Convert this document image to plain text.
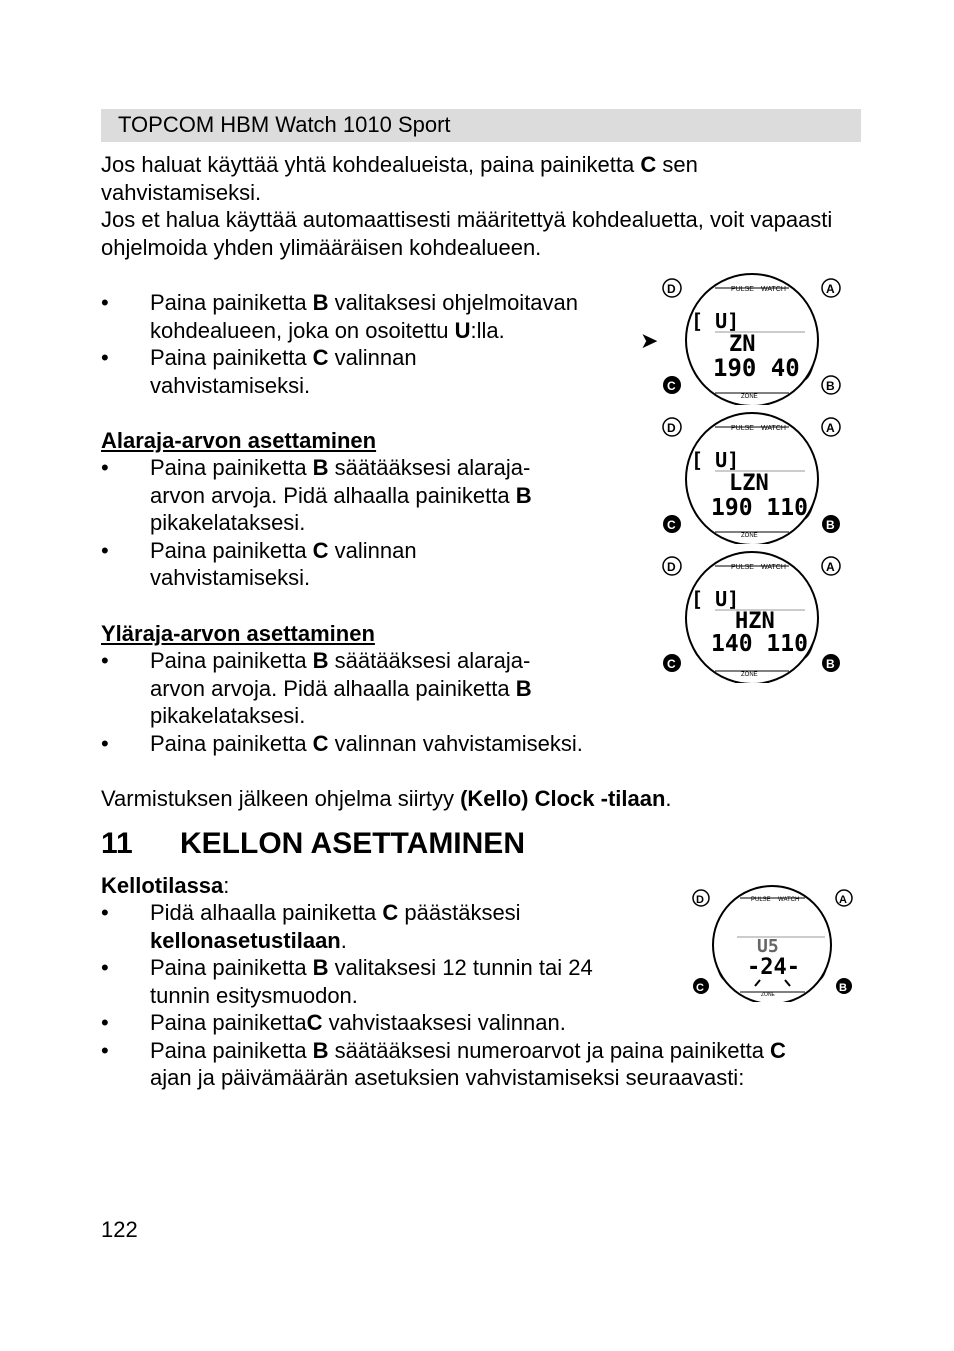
TOPCOM HBM Watch 1010 Sport
Jos haluat käyttää yhtä kohdealueista, paina painiketta C sen vahvistamiseksi.
Jos et halua käyttää automaattisesti määritettyä kohdealuetta, voit vapaasti ohjelmoida yhden ylimääräisen kohdealueen.
• Paina painiketta B valitaksesi ohjelmoitavan
kohdealueen, joka on osoitettu U:lla.
• Paina painiketta C valinnan
vahvistamiseksi.
Alaraja-arvon asettaminen
• Paina painiketta B säätääksesi alaraja-
arvon arvoja. Pidä alhaalla painiketta B
pikakelataksesi.
• Paina painiketta C valinnan
vahvistamiseksi.
Yläraja-arvon asettaminen
• Paina painiketta B säätääksesi alaraja-
arvon arvoja. Pidä alhaalla painiketta B
pikakelataksesi.
• Paina painiketta C valinnan vahvistamiseksi.
Varmistuksen jälkeen ohjelma siirtyy (Kello) Clock -tilaan.
11 KELLON ASETTAMINEN
Kellotilassa:
• Pidä alhaalla painiketta C päästäksesi
kellonasetustilaan.
• Paina painiketta B valitaksesi 12 tunnin tai 24
tunnin esitysmuodon.
• Paina painikettaC vahvistaaksesi valinnan.
• Paina painiketta B säätääksesi numeroarvot ja paina painiketta C
ajan ja päivämäärän asetuksien vahvistamiseksi seuraavasti:
122
➤
PULSE WATCH
ZONE
[ U]
ZN
190 40
D	A
C	B
PULSE WATCH
ZONE
[ U]
LZN
190 110
D	A
C	B
PULSE WATCH
ZONE
[ U]
HZN
140 110
D	A
C	B
PULSE WATCH
ZONE
U5
-24-
D	A
C	B
